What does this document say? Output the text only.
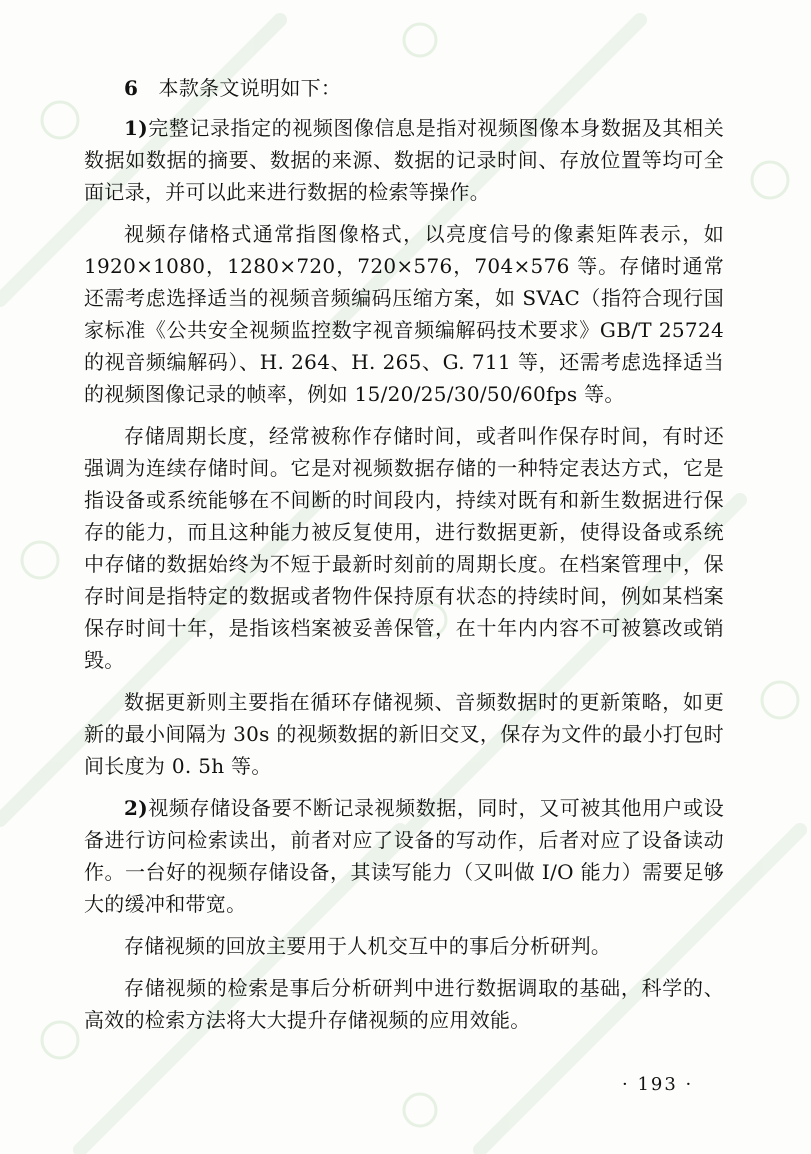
6　 本款条文说明如下：

1)完整记录指定的视频图像信息是指对视频图像本身数据及其相关数据如数据的摘要、数据的来源、数据的记录时间、存放位置等均可全面记录，并可以此来进行数据的检索等操作。

视频存储格式通常指图像格式，以亮度信号的像素矩阵表示，如 1920×1080，1280×720，720×576，704×576 等。存储时通常还需考虑选择适当的视频音频编码压缩方案，如 SVAC（指符合现行国家标准《公共安全视频监控数字视音频编解码技术要求》GB/T 25724 的视音频编解码）、H. 264、H. 265、G. 711 等，还需考虑选择适当的视频图像记录的帧率，例如 15/20/25/30/50/60fps 等。

存储周期长度，经常被称作存储时间，或者叫作保存时间，有时还强调为连续存储时间。它是对视频数据存储的一种特定表达方式，它是指设备或系统能够在不间断的时间段内，持续对既有和新生数据进行保存的能力，而且这种能力被反复使用，进行数据更新，使得设备或系统中存储的数据始终为不短于最新时刻前的周期长度。在档案管理中，保存时间是指特定的数据或者物件保持原有状态的持续时间，例如某档案保存时间十年，是指该档案被妥善保管，在十年内内容不可被篡改或销毁。

数据更新则主要指在循环存储视频、音频数据时的更新策略，如更新的最小间隔为 30s 的视频数据的新旧交叉，保存为文件的最小打包时间长度为 0. 5h 等。

2)视频存储设备要不断记录视频数据，同时，又可被其他用户或设备进行访问检索读出，前者对应了设备的写动作，后者对应了设备读动作。一台好的视频存储设备，其读写能力（又叫做 I/O 能力）需要足够大的缓冲和带宽。

存储视频的回放主要用于人机交互中的事后分析研判。

存储视频的检索是事后分析研判中进行数据调取的基础，科学的、高效的检索方法将大大提升存储视频的应用效能。

· 193 ·
